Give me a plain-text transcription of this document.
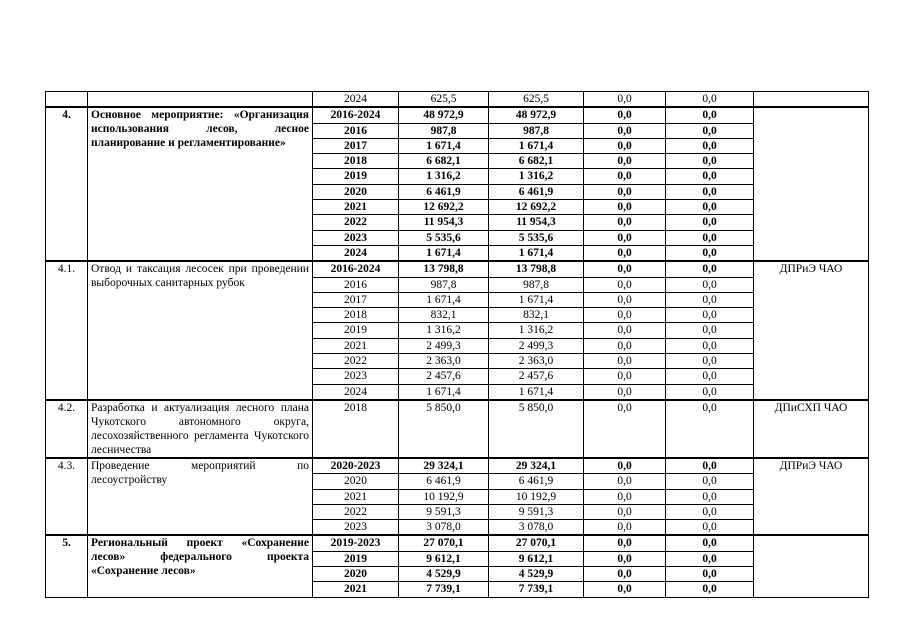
		2024	625,5	625,5	0,0	0,0	
4.	Основное мероприятие: «Организация использования лесов, лесное планирование и регламентирование»	2016-2024	48 972,9	48 972,9	0,0	0,0	
		2016	987,8	987,8	0,0	0,0	
		2017	1 671,4	1 671,4	0,0	0,0	
		2018	6 682,1	6 682,1	0,0	0,0	
		2019	1 316,2	1 316,2	0,0	0,0	
		2020	6 461,9	6 461,9	0,0	0,0	
		2021	12 692,2	12 692,2	0,0	0,0	
		2022	11 954,3	11 954,3	0,0	0,0	
		2023	5 535,6	5 535,6	0,0	0,0	
		2024	1 671,4	1 671,4	0,0	0,0	
4.1.	Отвод и таксация лесосек при проведении выборочных санитарных рубок	2016-2024	13 798,8	13 798,8	0,0	0,0	ДПРиЭ ЧАО
		2016	987,8	987,8	0,0	0,0	
		2017	1 671,4	1 671,4	0,0	0,0	
		2018	832,1	832,1	0,0	0,0	
		2019	1 316,2	1 316,2	0,0	0,0	
		2021	2 499,3	2 499,3	0,0	0,0	
		2022	2 363,0	2 363,0	0,0	0,0	
		2023	2 457,6	2 457,6	0,0	0,0	
		2024	1 671,4	1 671,4	0,0	0,0	
4.2.	Разработка и актуализация лесного плана Чукотского автономного округа, лесохозяйственного регламента Чукотского лесничества	2018	5 850,0	5 850,0	0,0	0,0	ДПиСХП ЧАО
4.3.	Проведение мероприятий по лесоустройству	2020-2023	29 324,1	29 324,1	0,0	0,0	ДПРиЭ ЧАО
		2020	6 461,9	6 461,9	0,0	0,0	
		2021	10 192,9	10 192,9	0,0	0,0	
		2022	9 591,3	9 591,3	0,0	0,0	
		2023	3 078,0	3 078,0	0,0	0,0	
5.	Региональный проект «Сохранение лесов» федерального проекта «Сохранение лесов»	2019-2023	27 070,1	27 070,1	0,0	0,0	
		2019	9 612,1	9 612,1	0,0	0,0	
		2020	4 529,9	4 529,9	0,0	0,0	
		2021	7 739,1	7 739,1	0,0	0,0	
